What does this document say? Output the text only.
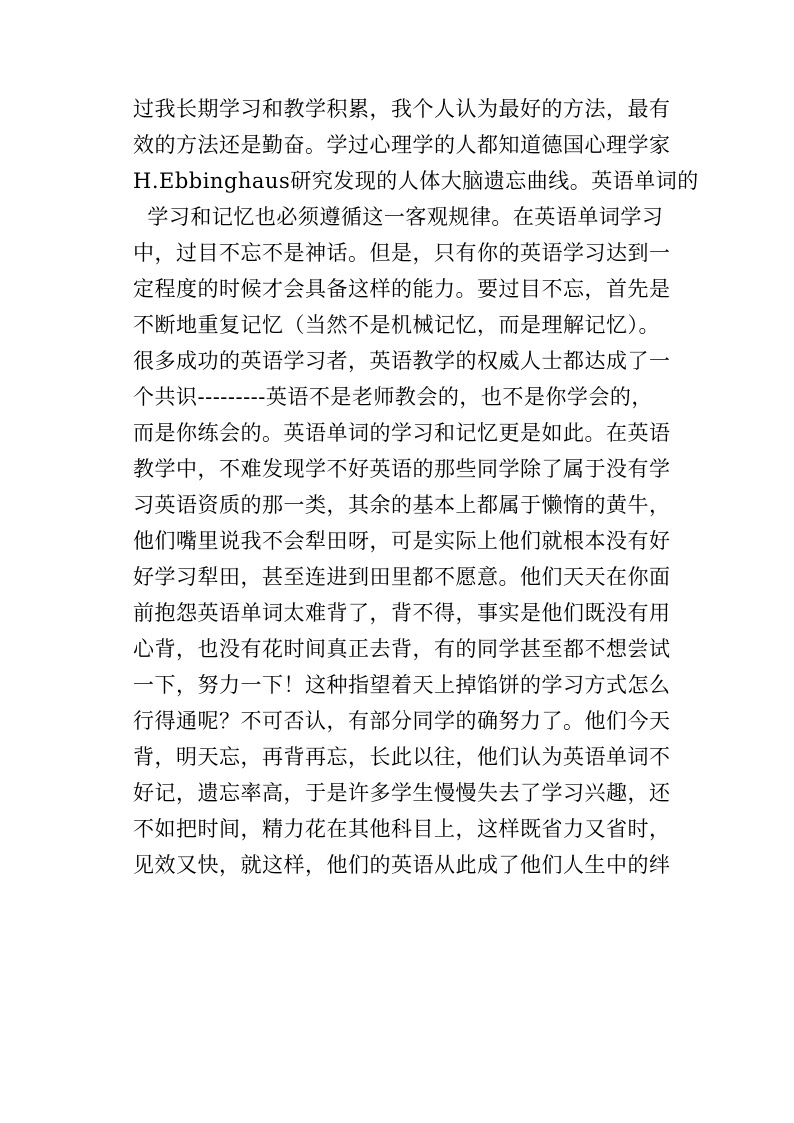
过我长期学习和教学积累，我个人认为最好的方法，最有
效的方法还是勤奋。学过心理学的人都知道德国心理学家
H.Ebbinghaus研究发现的人体大脑遗忘曲线。英语单词的
学习和记忆也必须遵循这一客观规律。在英语单词学习
中，过目不忘不是神话。但是，只有你的英语学习达到一
定程度的时候才会具备这样的能力。要过目不忘，首先是
不断地重复记忆（当然不是机械记忆，而是理解记忆）。
很多成功的英语学习者，英语教学的权威人士都达成了一
个共识---------英语不是老师教会的，也不是你学会的，
而是你练会的。英语单词的学习和记忆更是如此。在英语
教学中，不难发现学不好英语的那些同学除了属于没有学
习英语资质的那一类，其余的基本上都属于懒惰的黄牛，
他们嘴里说我不会犁田呀，可是实际上他们就根本没有好
好学习犁田，甚至连进到田里都不愿意。他们天天在你面
前抱怨英语单词太难背了，背不得，事实是他们既没有用
心背，也没有花时间真正去背，有的同学甚至都不想尝试
一下，努力一下！这种指望着天上掉馅饼的学习方式怎么
行得通呢？不可否认，有部分同学的确努力了。他们今天
背，明天忘，再背再忘，长此以往，他们认为英语单词不
好记，遗忘率高，于是许多学生慢慢失去了学习兴趣，还
不如把时间，精力花在其他科目上，这样既省力又省时，
见效又快，就这样，他们的英语从此成了他们人生中的绊
